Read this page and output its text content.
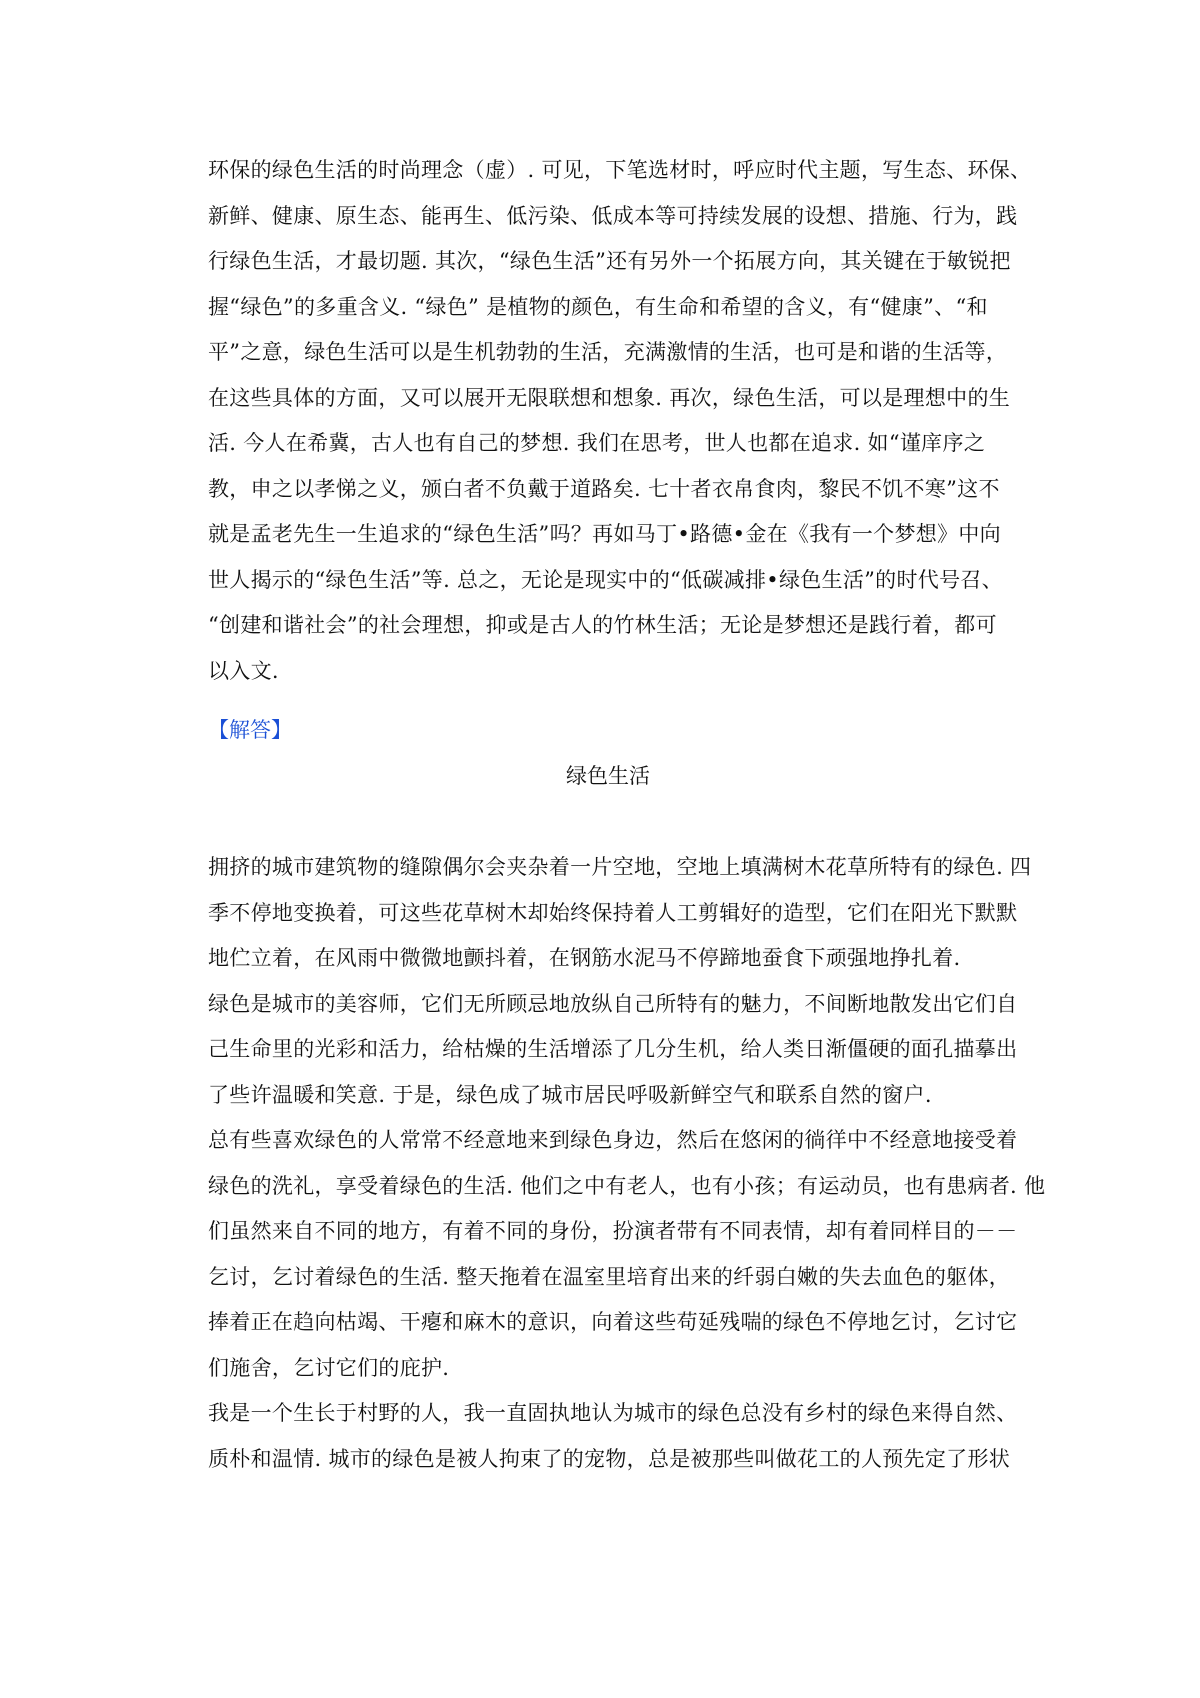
环保的绿色生活的时尚理念（虚）. 可见，下笔选材时，呼应时代主题，写生态、环保、
新鲜、健康、原生态、能再生、低污染、低成本等可持续发展的设想、措施、行为，践
行绿色生活，才最切题. 其次，“绿色生活”还有另外一个拓展方向，其关键在于敏锐把
握“绿色”的多重含义. “绿色” 是植物的颜色，有生命和希望的含义，有“健康”、“和
平”之意，绿色生活可以是生机勃勃的生活，充满激情的生活，也可是和谐的生活等，
在这些具体的方面，又可以展开无限联想和想象. 再次，绿色生活，可以是理想中的生
活. 今人在希冀，古人也有自己的梦想. 我们在思考，世人也都在追求. 如“谨庠序之
教，申之以孝悌之义，颁白者不负戴于道路矣. 七十者衣帛食肉，黎民不饥不寒”这不
就是孟老先生一生追求的“绿色生活”吗？再如马丁•路德•金在《我有一个梦想》中向
世人揭示的“绿色生活”等. 总之，无论是现实中的“低碳减排•绿色生活”的时代号召、
“创建和谐社会”的社会理想，抑或是古人的竹林生活；无论是梦想还是践行着，都可
以入文.
【解答】
绿色生活
拥挤的城市建筑物的缝隙偶尔会夹杂着一片空地，空地上填满树木花草所特有的绿色. 四
季不停地变换着，可这些花草树木却始终保持着人工剪辑好的造型，它们在阳光下默默
地伫立着，在风雨中微微地颤抖着，在钢筋水泥马不停蹄地蚕食下顽强地挣扎着.
绿色是城市的美容师，它们无所顾忌地放纵自己所特有的魅力，不间断地散发出它们自
己生命里的光彩和活力，给枯燥的生活增添了几分生机，给人类日渐僵硬的面孔描摹出
了些许温暖和笑意. 于是，绿色成了城市居民呼吸新鲜空气和联系自然的窗户.
总有些喜欢绿色的人常常不经意地来到绿色身边，然后在悠闲的徜徉中不经意地接受着
绿色的洗礼，享受着绿色的生活. 他们之中有老人，也有小孩；有运动员，也有患病者. 他
们虽然来自不同的地方，有着不同的身份，扮演者带有不同表情，却有着同样目的－－
乞讨，乞讨着绿色的生活. 整天拖着在温室里培育出来的纤弱白嫩的失去血色的躯体，
捧着正在趋向枯竭、干瘪和麻木的意识，向着这些苟延残喘的绿色不停地乞讨，乞讨它
们施舍，乞讨它们的庇护.
我是一个生长于村野的人，我一直固执地认为城市的绿色总没有乡村的绿色来得自然、
质朴和温情. 城市的绿色是被人拘束了的宠物，总是被那些叫做花工的人预先定了形状
